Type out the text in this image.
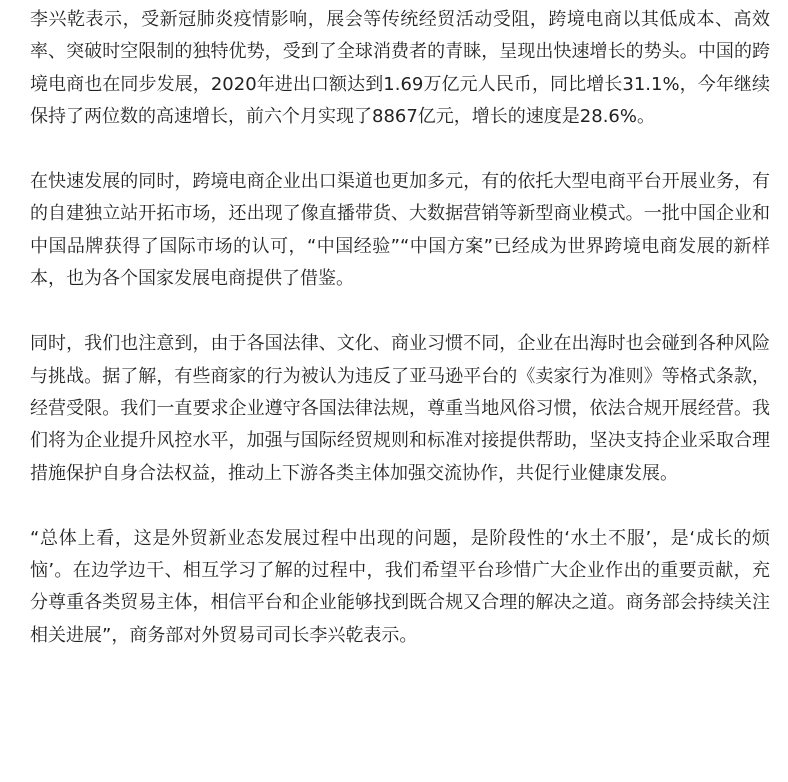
李兴乾表示，受新冠肺炎疫情影响，展会等传统经贸活动受阻，跨境电商以其低成本、高效率、突破时空限制的独特优势，受到了全球消费者的青睐，呈现出快速增长的势头。中国的跨境电商也在同步发展，2020年进出口额达到1.69万亿元人民币，同比增长31.1%，今年继续保持了两位数的高速增长，前六个月实现了8867亿元，增长的速度是28.6%。

在快速发展的同时，跨境电商企业出口渠道也更加多元，有的依托大型电商平台开展业务，有的自建独立站开拓市场，还出现了像直播带货、大数据营销等新型商业模式。一批中国企业和中国品牌获得了国际市场的认可，“中国经验”“中国方案”已经成为世界跨境电商发展的新样本，也为各个国家发展电商提供了借鉴。

同时，我们也注意到，由于各国法律、文化、商业习惯不同，企业在出海时也会碰到各种风险与挑战。据了解，有些商家的行为被认为违反了亚马逊平台的《卖家行为准则》等格式条款，经营受限。我们一直要求企业遵守各国法律法规，尊重当地风俗习惯，依法合规开展经营。我们将为企业提升风控水平，加强与国际经贸规则和标准对接提供帮助，坚决支持企业采取合理措施保护自身合法权益，推动上下游各类主体加强交流协作，共促行业健康发展。

“总体上看，这是外贸新业态发展过程中出现的问题，是阶段性的‘水土不服’，是‘成长的烦恼’。在边学边干、相互学习了解的过程中，我们希望平台珍惜广大企业作出的重要贡献，充分尊重各类贸易主体，相信平台和企业能够找到既合规又合理的解决之道。商务部会持续关注相关进展”，商务部对外贸易司司长李兴乾表示。
